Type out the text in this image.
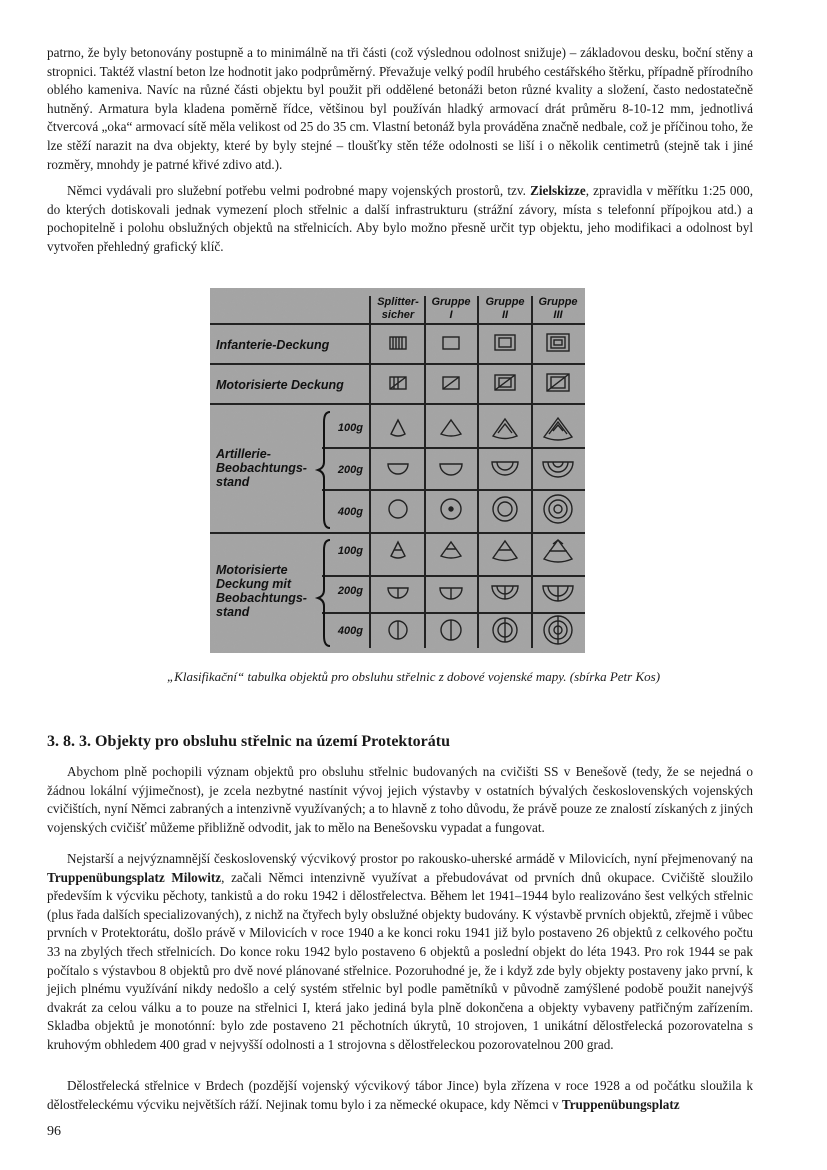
patrno, že byly betonovány postupně a to minimálně na tři části (což výslednou odolnost snižuje) – základovou desku, boční stěny a stropnici. Taktéž vlastní beton lze hodnotit jako podprůměrný. Převažuje velký podíl hrubého cestářského štěrku, případně přírodního oblého kameniva. Navíc na různé části objektu byl použit při oddělené betonáži beton různé kvality a složení, často nedostatečně hutněný. Armatura byla kladena poměrně řídce, většinou byl používán hladký armovací drát průměru 8-10-12 mm, jednotlivá čtvercová „oka“ armovací sítě měla velikost od 25 do 35 cm. Vlastní betonáž byla prováděna značně nedbale, což je příčinou toho, že lze stěží narazit na dva objekty, které by byly stejné – tloušťky stěn téže odolnosti se liší i o několik centimetrů (stejně tak i jiné rozměry, mnohdy je patrné křivé zdivo atd.).

Němci vydávali pro služební potřebu velmi podrobné mapy vojenských prostorů, tzv. Zielskizze, zpravidla v měřítku 1:25 000, do kterých dotiskovali jednak vymezení ploch střelnic a další infrastrukturu (strážní závory, místa s telefonní přípojkou atd.) a pochopitelně i polohu obslužných objektů na střelnicích. Aby bylo možno přesně určit typ objektu, jeho modifikaci a odolnost byl vytvořen přehledný grafický klíč.

Splitter-
sicher
Gruppe
I
Gruppe
II
Gruppe
III
Infanterie-Deckung
Motorisierte Deckung
Artillerie-
Beobachtungs-
stand
Motorisierte
Deckung mit
Beobachtungs-
stand
100g
200g
400g
100g
200g
400g
„Klasifikační“ tabulka objektů pro obsluhu střelnic z dobové vojenské mapy. (sbírka Petr Kos)
3. 8. 3. Objekty pro obsluhu střelnic na území Protektorátu

Abychom plně pochopili význam objektů pro obsluhu střelnic budovaných na cvičišti SS v Benešově (tedy, že se nejedná o žádnou lokální výjimečnost), je zcela nezbytné nastínit vývoj jejich výstavby v ostatních bývalých československých vojenských cvičištích, nyní Němci zabraných a intenzivně využívaných; a to hlavně z toho důvodu, že právě pouze ze znalostí získaných z jiných vojenských cvičišť můžeme přibližně odvodit, jak to mělo na Benešovsku vypadat a fungovat.

Nejstarší a nejvýznamnější československý výcvikový prostor po rakousko-uherské armádě v Milovicích, nyní přejmenovaný na Truppenübungsplatz Milowitz, začali Němci intenzivně využívat a přebudovávat od prvních dnů okupace. Cvičiště sloužilo především k výcviku pěchoty, tankistů a do roku 1942 i dělostřelectva. Během let 1941–1944 bylo realizováno šest velkých střelnic (plus řada dalších specializovaných), z nichž na čtyřech byly obslužné objekty budovány. K výstavbě prvních objektů, zřejmě i vůbec prvních v Protektorátu, došlo právě v Milovicích v roce 1940 a ke konci roku 1941 již bylo postaveno 26 objektů z celkového počtu 33 na zbylých třech střelnicích. Do konce roku 1942 bylo postaveno 6 objektů a poslední objekt do léta 1943. Pro rok 1944 se pak počítalo s výstavbou 8 objektů pro dvě nové plánované střelnice. Pozoruhodné je, že i když zde byly objekty postaveny jako první, k jejich plnému využívání nikdy nedošlo a celý systém střelnic byl podle pamětníků v původně zamýšlené podobě použit nanejvýš dvakrát za celou válku a to pouze na střelnici I, která jako jediná byla plně dokončena a objekty vybaveny patřičným zařízením. Skladba objektů je monotónní: bylo zde postaveno 21 pěchotních úkrytů, 10 strojoven, 1 unikátní dělostřelecká pozorovatelna s kruhovým obhledem 400 grad v nejvyšší odolnosti a 1 strojovna s dělostřeleckou pozorovatelnou 200 grad.

Dělostřelecká střelnice v Brdech (pozdější vojenský výcvikový tábor Jince) byla zřízena v roce 1928 a od počátku sloužila k dělostřeleckému výcviku největších ráží. Nejinak tomu bylo i za německé okupace, kdy Němci v Truppenübungsplatz

96
